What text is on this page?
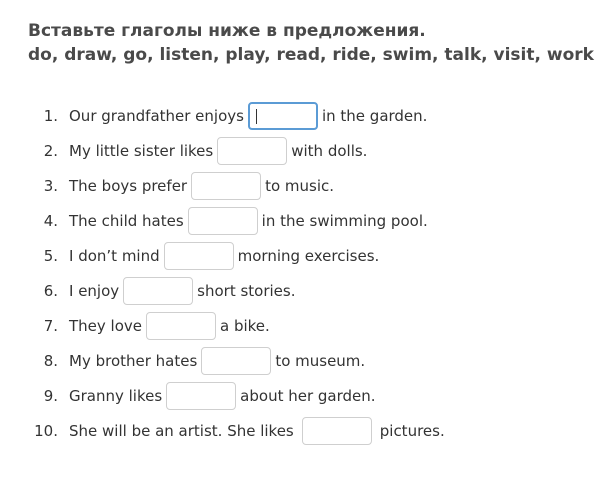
Вставьте глаголы ниже в предложения.

do, draw, go, listen, play, read, ride, swim, talk, visit, work

1. Our grandfather enjoys	in the garden.
2. My little sister likes	with dolls.
3. The boys prefer	to music.
4. The child hates	in the swimming pool.
5. I don’t mind	morning exercises.
6. I enjoy	short stories.
7. They love	a bike.
8. My brother hates	to museum.
9. Granny likes	about her garden.
10. She will be an artist. She likes	pictures.
